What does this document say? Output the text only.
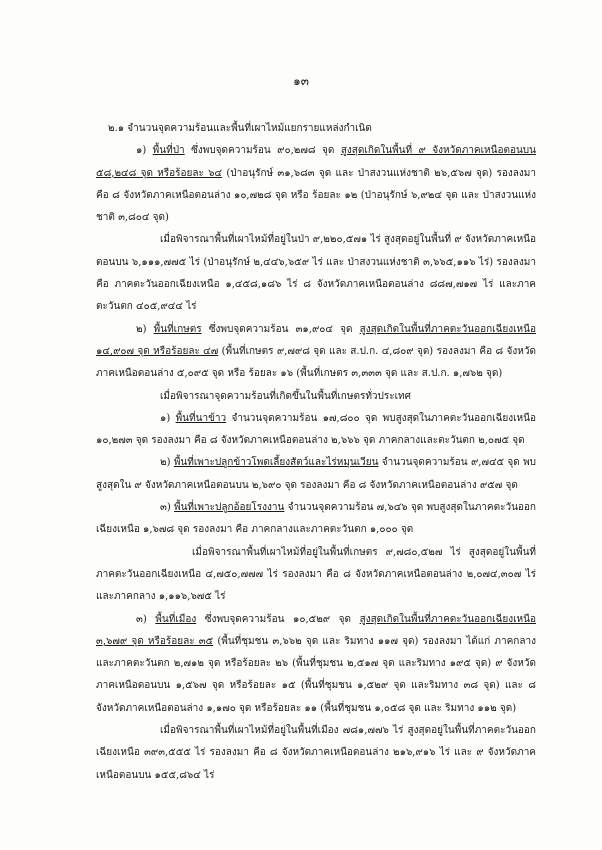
๑๓

๒.๑ จำนวนจุดความร้อนและพื้นที่เผาไหม้แยกรายแหล่งกำเนิด

๑) พื้นที่ป่า ซึ่งพบจุดความร้อน ๙๐,๒๗๘ จุด สูงสุดเกิดในพื้นที่ ๙ จังหวัดภาคเหนือตอนบน ๕๘,๒๔๘ จุด หรือร้อยละ ๖๔ (ป่าอนุรักษ์ ๓๑,๖๘๓ จุด และ ป่าสงวนแห่งชาติ ๒๖,๕๖๗ จุด) รองลงมา คือ ๘ จังหวัดภาคเหนือตอนล่าง ๑๐,๗๒๘ จุด หรือ ร้อยละ ๑๒ (ป่าอนุรักษ์ ๖,๙๒๔ จุด และ ป่าสงวนแห่งชาติ ๓,๘๐๔ จุด)

เมื่อพิจารณาพื้นที่เผาไหม้ที่อยู่ในป่า ๙,๒๒๐,๕๗๑ ไร่ สูงสุดอยู่ในพื้นที่ ๙ จังหวัดภาคเหนือตอนบน ๖,๑๑๑,๗๗๕ ไร่ (ป่าอนุรักษ์ ๒,๔๔๖,๖๕๙ ไร่ และ ป่าสงวนแห่งชาติ ๓,๖๖๕,๑๑๖ ไร่) รองลงมา คือ ภาคตะวันออกเฉียงเหนือ ๑,๔๕๘,๑๘๖ ไร่ ๘ จังหวัดภาคเหนือตอนล่าง ๘๘๗,๗๑๗ ไร่ และภาคตะวันตก ๔๐๕,๙๔๔ ไร่

๒) พื้นที่เกษตร ซึ่งพบจุดความร้อน ๓๑,๙๐๔ จุด สูงสุดเกิดในพื้นที่ภาคตะวันออกเฉียงเหนือ ๑๔,๙๐๗ จุด หรือร้อยละ ๔๗ (พื้นที่เกษตร ๙,๗๙๘ จุด และ ส.ป.ก. ๔,๘๐๙ จุด) รองลงมา คือ ๘ จังหวัดภาคเหนือตอนล่าง ๕,๐๙๕ จุด หรือ ร้อยละ ๑๖ (พื้นที่เกษตร ๓,๓๓๓ จุด และ ส.ป.ก. ๑,๗๖๒ จุด)

เมื่อพิจารณาจุดความร้อนที่เกิดขึ้นในพื้นที่เกษตรทั่วประเทศ

๑) พื้นที่นาข้าว จำนวนจุดความร้อน ๑๗,๘๐๐ จุด พบสูงสุดในภาคตะวันออกเฉียงเหนือ ๑๐,๒๗๓ จุด รองลงมา คือ ๘ จังหวัดภาคเหนือตอนล่าง ๒,๖๖๖ จุด ภาคกลางและตะวันตก ๒,๐๗๕ จุด

๒) พื้นที่เพาะปลูกข้าวโพดเลี้ยงสัตว์และไร่หมุนเวียน จำนวนจุดความร้อน ๙,๗๔๕ จุด พบสูงสุดใน ๙ จังหวัดภาคเหนือตอนบน ๒,๖๙๐ จุด รองลงมา คือ ๘ จังหวัดภาคเหนือตอนล่าง ๙๕๗ จุด

๓) พื้นที่เพาะปลูกอ้อยโรงงาน จำนวนจุดความร้อน ๗,๖๔๖ จุด พบสูงสุดในภาคตะวันออกเฉียงเหนือ ๑,๖๗๘ จุด รองลงมา คือ ภาคกลางและภาคตะวันตก ๑,๐๐๐ จุด

เมื่อพิจารณาพื้นที่เผาไหม้ที่อยู่ในพื้นที่เกษตร ๙,๗๘๐,๕๒๗ ไร่ สูงสุดอยู่ในพื้นที่ภาคตะวันออกเฉียงเหนือ ๔,๗๕๐,๗๗๗ ไร่ รองลงมา คือ ๘ จังหวัดภาคเหนือตอนล่าง ๒,๐๗๔,๓๐๗ ไร่ และภาคกลาง ๑,๑๑๖,๖๗๕ ไร่

๓) พื้นที่เมือง ซึ่งพบจุดความร้อน ๑๐,๕๒๙ จุด สูงสุดเกิดในพื้นที่ภาคตะวันออกเฉียงเหนือ ๓,๖๗๙ จุด หรือร้อยละ ๓๕ (พื้นที่ชุมชน ๓,๖๖๒ จุด และ ริมทาง ๑๑๗ จุด) รองลงมา ได้แก่ ภาคกลางและภาคตะวันตก ๒,๗๑๒ จุด หรือร้อยละ ๒๖ (พื้นที่ชุมชน ๒,๕๑๗ จุด และริมทาง ๑๙๕ จุด) ๙ จังหวัดภาคเหนือตอนบน ๑,๕๖๗ จุด หรือร้อยละ ๑๕ (พื้นที่ชุมชน ๑,๕๒๙ จุด และริมทาง ๓๘ จุด) และ ๘ จังหวัดภาคเหนือตอนล่าง ๑,๑๗๐ จุด หรือร้อยละ ๑๑ (พื้นที่ชุมชน ๑,๐๕๘ จุด และ ริมทาง ๑๑๒ จุด)

เมื่อพิจารณาพื้นที่เผาไหม้ที่อยู่ในพื้นที่เมือง ๗๘๑,๗๗๖ ไร่ สูงสุดอยู่ในพื้นที่ภาคตะวันออกเฉียงเหนือ ๓๙๓,๕๕๕ ไร่ รองลงมา คือ ๘ จังหวัดภาคเหนือตอนล่าง ๒๑๖,๙๑๖ ไร่ และ ๙ จังหวัดภาคเหนือตอนบน ๑๕๕,๘๖๔ ไร่
